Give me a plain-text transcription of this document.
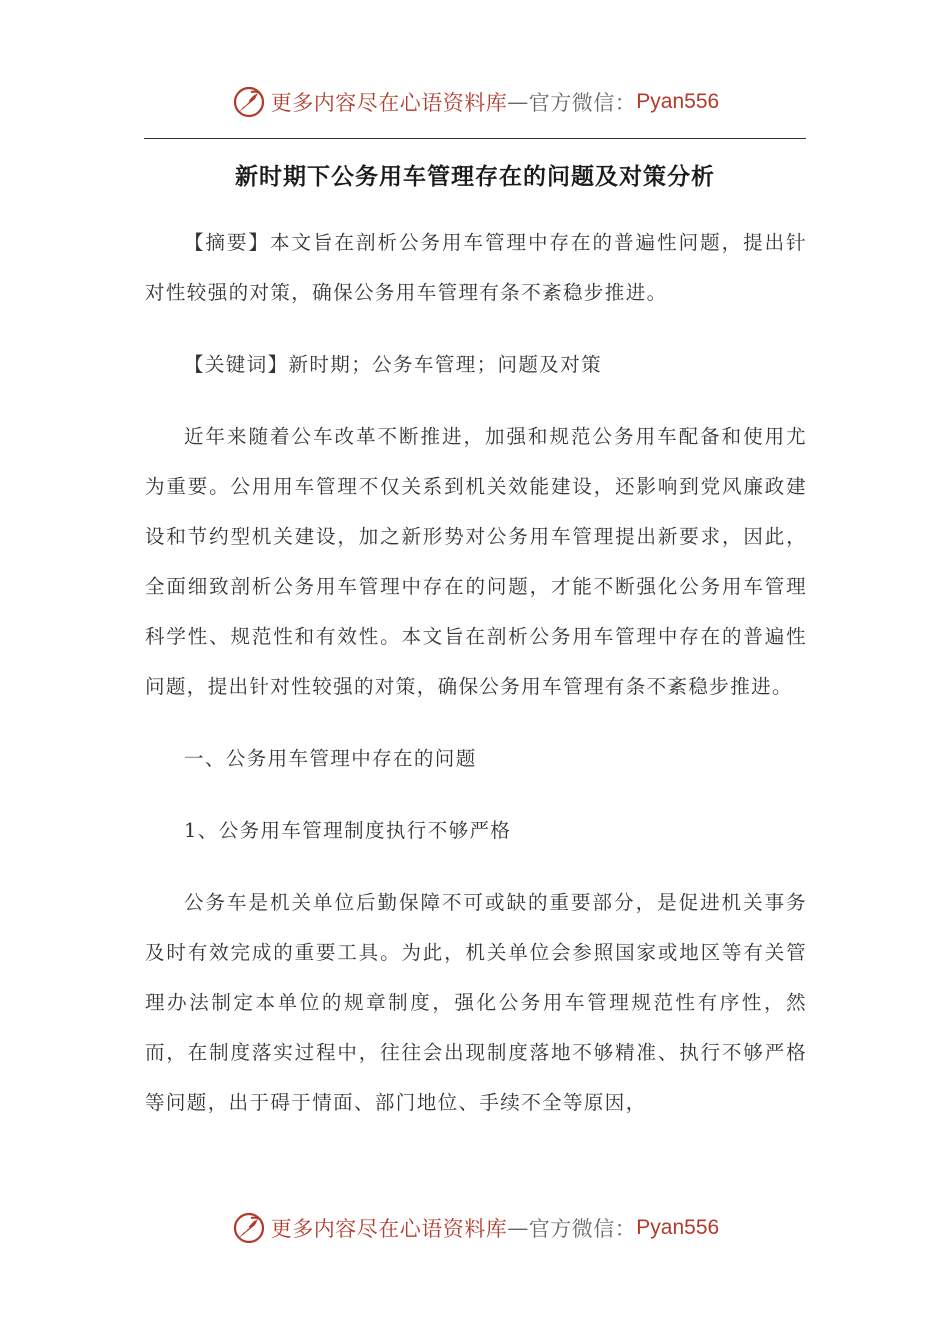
更多内容尽在心语资料库 — 官方微信： Pyan556
新时期下公务用车管理存在的问题及对策分析

【摘要】本文旨在剖析公务用车管理中存在的普遍性问题，提出针对性较强的对策，确保公务用车管理有条不紊稳步推进。

【关键词】新时期；公务车管理；问题及对策

近年来随着公车改革不断推进，加强和规范公务用车配备和使用尤为重要。公用用车管理不仅关系到机关效能建设，还影响到党风廉政建设和节约型机关建设，加之新形势对公务用车管理提出新要求，因此，全面细致剖析公务用车管理中存在的问题，才能不断强化公务用车管理科学性、规范性和有效性。本文旨在剖析公务用车管理中存在的普遍性问题，提出针对性较强的对策，确保公务用车管理有条不紊稳步推进。

一、公务用车管理中存在的问题

1、公务用车管理制度执行不够严格

公务车是机关单位后勤保障不可或缺的重要部分，是促进机关事务及时有效完成的重要工具。为此，机关单位会参照国家或地区等有关管理办法制定本单位的规章制度，强化公务用车管理规范性有序性，然而，在制度落实过程中，往往会出现制度落地不够精准、执行不够严格等问题，出于碍于情面、部门地位、手续不全等原因，

更多内容尽在心语资料库 — 官方微信： Pyan556
